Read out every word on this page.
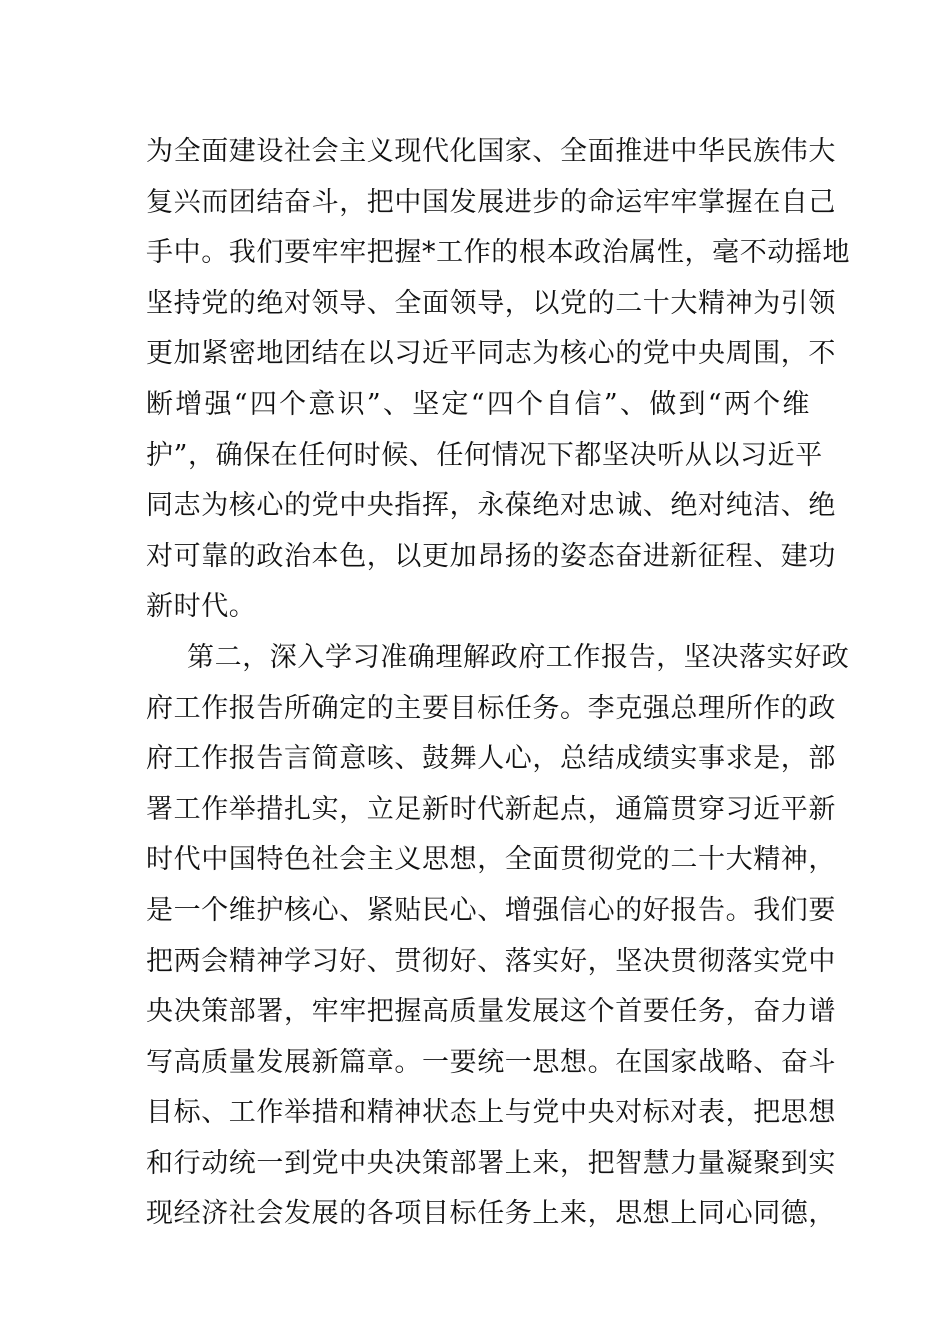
为全面建设社会主义现代化国家、全面推进中华民族伟大
复兴而团结奋斗，把中国发展进步的命运牢牢掌握在自己
手中。我们要牢牢把握*工作的根本政治属性，毫不动摇地
坚持党的绝对领导、全面领导，以党的二十大精神为引领
更加紧密地团结在以习近平同志为核心的党中央周围，不
断增强“四个意识”、坚定“四个自信”、做到“两个维
护”，确保在任何时候、任何情况下都坚决听从以习近平
同志为核心的党中央指挥，永葆绝对忠诚、绝对纯洁、绝
对可靠的政治本色，以更加昂扬的姿态奋进新征程、建功
新时代。
第二，深入学习准确理解政府工作报告，坚决落实好政
府工作报告所确定的主要目标任务。李克强总理所作的政
府工作报告言简意咳、鼓舞人心，总结成绩实事求是，部
署工作举措扎实，立足新时代新起点，通篇贯穿习近平新
时代中国特色社会主义思想，全面贯彻党的二十大精神，
是一个维护核心、紧贴民心、增强信心的好报告。我们要
把两会精神学习好、贯彻好、落实好，坚决贯彻落实党中
央决策部署，牢牢把握高质量发展这个首要任务，奋力谱
写高质量发展新篇章。一要统一思想。在国家战略、奋斗
目标、工作举措和精神状态上与党中央对标对表，把思想
和行动统一到党中央决策部署上来，把智慧力量凝聚到实
现经济社会发展的各项目标任务上来，思想上同心同德，
